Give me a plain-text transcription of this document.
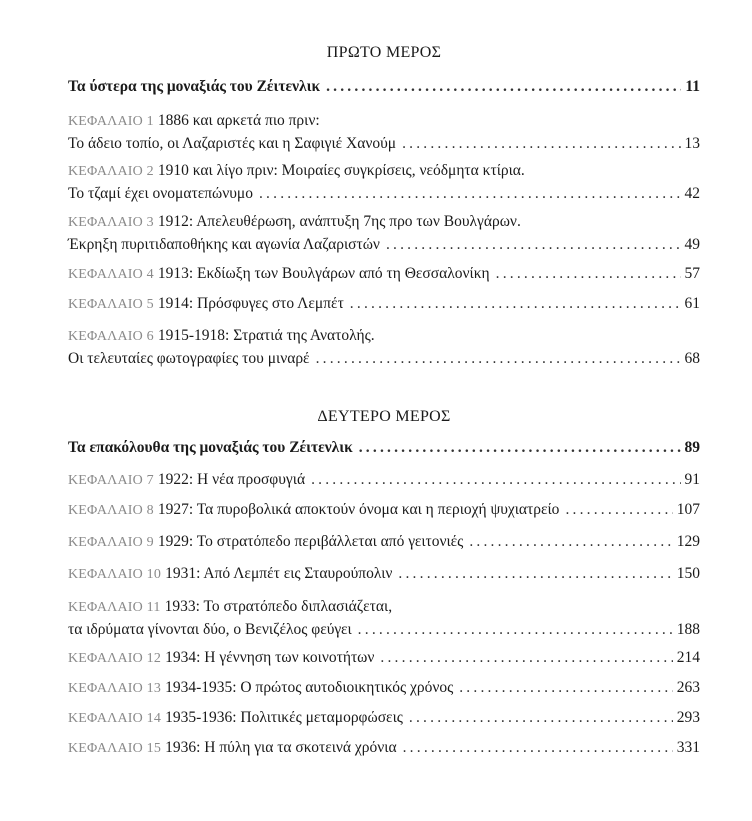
ΠΡΩΤΟ ΜΕΡΟΣ
Τα ύστερα της μοναξιάς του Ζέιτενλικ .....	11
ΚΕΦΑΛΑΙΟ 1 1886 και αρκετά πιο πριν:
Το άδειο τοπίο, οι Λαζαριστές και η Σαφιγιέ Χανούμ .....	13
ΚΕΦΑΛΑΙΟ 2 1910 και λίγο πριν: Μοιραίες συγκρίσεις, νεόδμητα κτίρια.
Το τζαμί έχει ονοματεπώνυμο .....	42
ΚΕΦΑΛΑΙΟ 3 1912: Απελευθέρωση, ανάπτυξη 7ης προ των Βουλγάρων.
Έκρηξη πυριτιδαποθήκης και αγωνία Λαζαριστών .....	49
ΚΕΦΑΛΑΙΟ 4 1913: Εκδίωξη των Βουλγάρων από τη Θεσσαλονίκη .....	57
ΚΕΦΑΛΑΙΟ 5 1914: Πρόσφυγες στο Λεμπέτ .....	61
ΚΕΦΑΛΑΙΟ 6 1915-1918: Στρατιά της Ανατολής.
Οι τελευταίες φωτογραφίες του μιναρέ .....	68
ΔΕΥΤΕΡΟ ΜΕΡΟΣ
Τα επακόλουθα της μοναξιάς του Ζέιτενλικ .....	89
ΚΕΦΑΛΑΙΟ 7 1922: Η νέα προσφυγιά .....	91
ΚΕΦΑΛΑΙΟ 8 1927: Τα πυροβολικά αποκτούν όνομα και η περιοχή ψυχιατρείο .....	107
ΚΕΦΑΛΑΙΟ 9 1929: Το στρατόπεδο περιβάλλεται από γειτονιές .....	129
ΚΕΦΑΛΑΙΟ 10 1931: Από Λεμπέτ εις Σταυρούπολιν .....	150
ΚΕΦΑΛΑΙΟ 11 1933: Το στρατόπεδο διπλασιάζεται,
τα ιδρύματα γίνονται δύο, ο Βενιζέλος φεύγει .....	188
ΚΕΦΑΛΑΙΟ 12 1934: Η γέννηση των κοινοτήτων .....	214
ΚΕΦΑΛΑΙΟ 13 1934-1935: Ο πρώτος αυτοδιοικητικός χρόνος .....	263
ΚΕΦΑΛΑΙΟ 14 1935-1936: Πολιτικές μεταμορφώσεις .....	293
ΚΕΦΑΛΑΙΟ 15 1936: Η πύλη για τα σκοτεινά χρόνια .....	331
